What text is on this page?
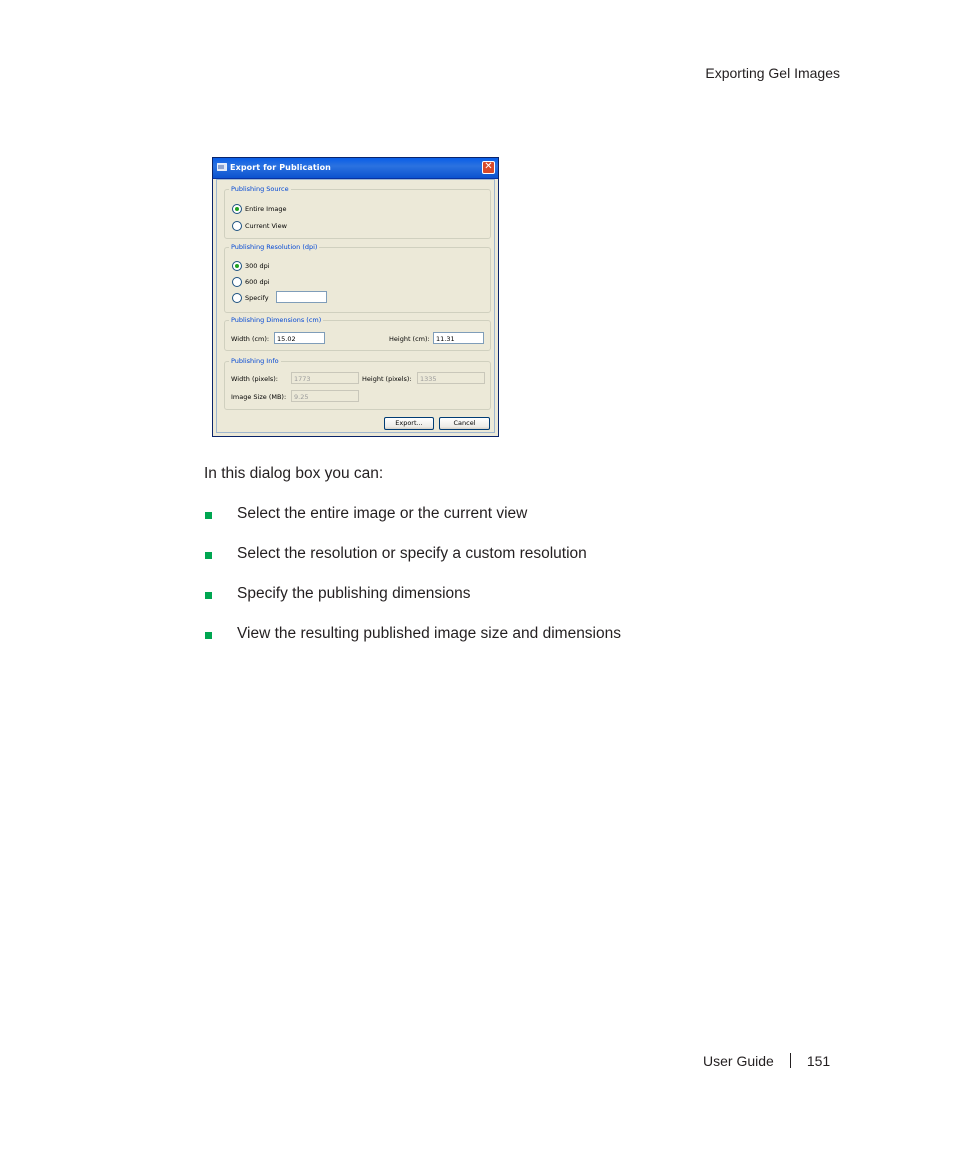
Exporting Gel Images
Export for Publication	✕
Publishing Source
Entire Image
Current View
Publishing Resolution (dpi)
300 dpi
600 dpi
Specify
Publishing Dimensions (cm)
Width (cm):	15.02	Height (cm): 11.31
Publishing Info
Width (pixels):	1773	Height (pixels):	1335
Image Size (MB):	9.25
Export...	Cancel
In this dialog box you can:
Select the entire image or the current view
Select the resolution or specify a custom resolution
Specify the publishing dimensions
View the resulting published image size and dimensions
User Guide 151
